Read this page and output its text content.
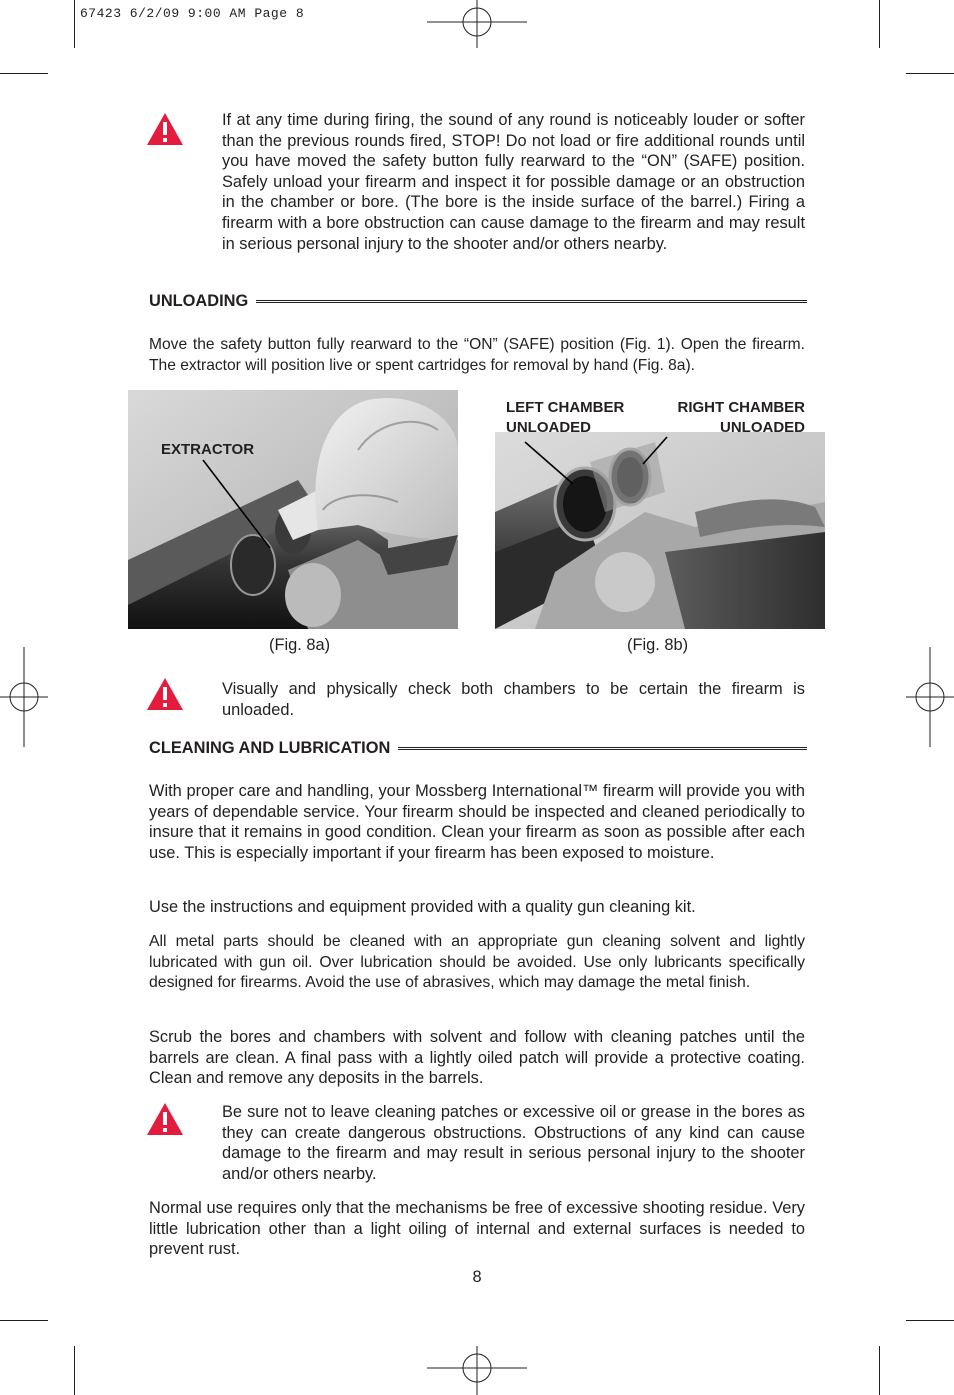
67423 6/2/09 9:00 AM Page 8

If at any time during firing, the sound of any round is noticeably louder or softer than the previous rounds fired, STOP! Do not load or fire additional rounds until you have moved the safety button fully rearward to the “ON” (SAFE) position. Safely unload your firearm and inspect it for possible damage or an obstruction in the chamber or bore. (The bore is the inside surface of the barrel.) Firing a firearm with a bore obstruction can cause damage to the firearm and may result in serious personal injury to the shooter and/or others nearby.

UNLOADING

Move the safety button fully rearward to the “ON” (SAFE) position (Fig. 1). Open the firearm. The extractor will position live or spent cartridges for removal by hand (Fig. 8a).

EXTRACTOR

(Fig. 8a)

LEFT CHAMBER

UNLOADED

RIGHT CHAMBER

UNLOADED

(Fig. 8b)

Visually and physically check both chambers to be certain the firearm is unloaded.

CLEANING AND LUBRICATION

With proper care and handling, your Mossberg International™ firearm will provide you with years of dependable service. Your firearm should be inspected and cleaned periodically to insure that it remains in good condition. Clean your firearm as soon as possible after each use. This is especially important if your firearm has been exposed to moisture.

Use the instructions and equipment provided with a quality gun cleaning kit.

All metal parts should be cleaned with an appropriate gun cleaning solvent and lightly lubricated with gun oil. Over lubrication should be avoided. Use only lubricants specifically designed for firearms. Avoid the use of abrasives, which may damage the metal finish.

Scrub the bores and chambers with solvent and follow with cleaning patches until the barrels are clean. A final pass with a lightly oiled patch will provide a protective coating. Clean and remove any deposits in the barrels.

Be sure not to leave cleaning patches or excessive oil or grease in the bores as they can create dangerous obstructions. Obstructions of any kind can cause damage to the firearm and may result in serious personal injury to the shooter and/or others nearby.

Normal use requires only that the mechanisms be free of excessive shooting residue. Very little lubrication other than a light oiling of internal and external surfaces is needed to prevent rust.

8
